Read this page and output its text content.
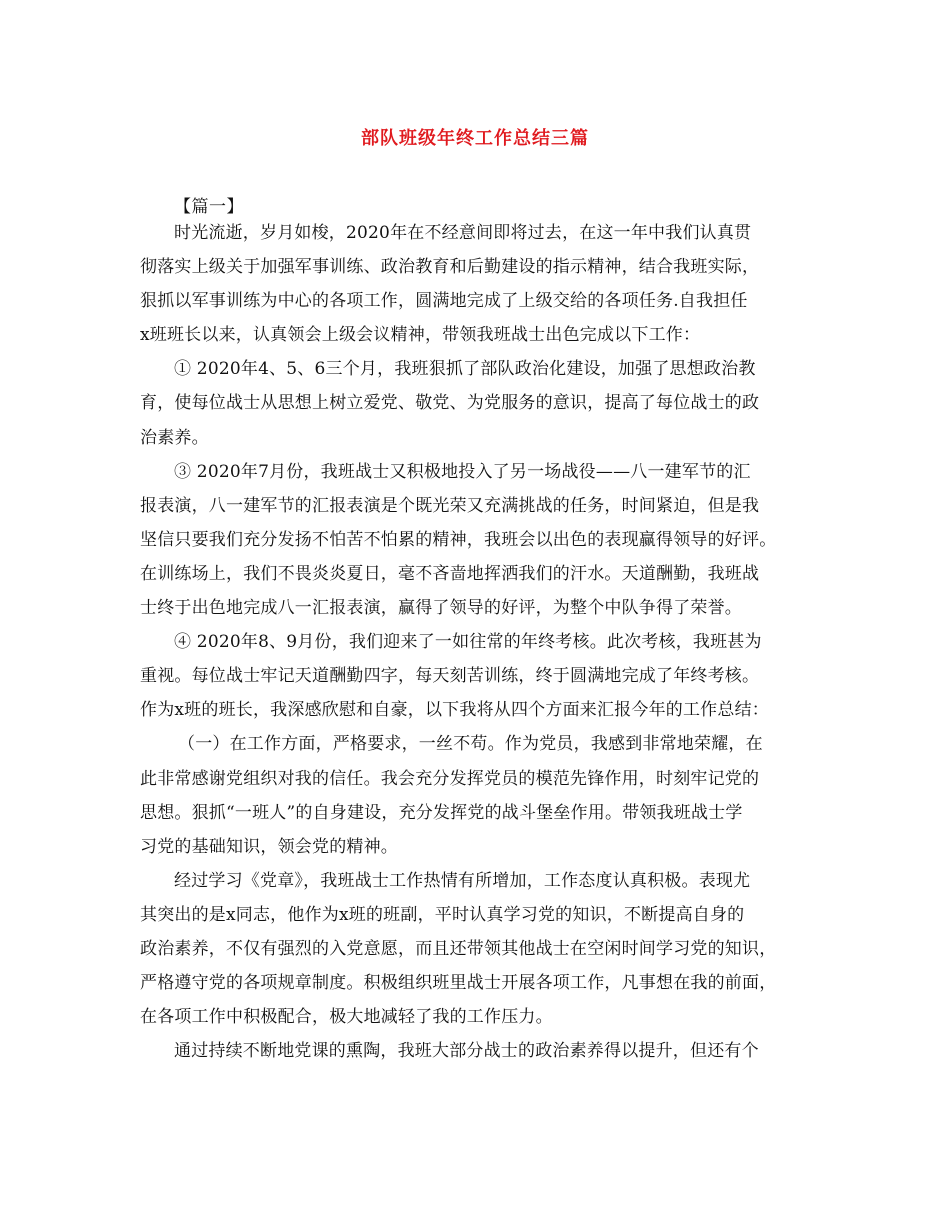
部队班级年终工作总结三篇
【篇一】
时光流逝，岁月如梭，2020年在不经意间即将过去，在这一年中我们认真贯
彻落实上级关于加强军事训练、政治教育和后勤建设的指示精神，结合我班实际，
狠抓以军事训练为中心的各项工作，圆满地完成了上级交给的各项任务.自我担任
x班班长以来，认真领会上级会议精神，带领我班战士出色完成以下工作：
① 2020年4、5、6三个月，我班狠抓了部队政治化建设，加强了思想政治教
育，使每位战士从思想上树立爱党、敬党、为党服务的意识，提高了每位战士的政
治素养。
③ 2020年7月份，我班战士又积极地投入了另一场战役——八一建军节的汇
报表演，八一建军节的汇报表演是个既光荣又充满挑战的任务，时间紧迫，但是我
坚信只要我们充分发扬不怕苦不怕累的精神，我班会以出色的表现赢得领导的好评。
在训练场上，我们不畏炎炎夏日，毫不吝啬地挥洒我们的汗水。天道酬勤，我班战
士终于出色地完成八一汇报表演，赢得了领导的好评，为整个中队争得了荣誉。
④ 2020年8、9月份，我们迎来了一如往常的年终考核。此次考核，我班甚为
重视。每位战士牢记天道酬勤四字，每天刻苦训练，终于圆满地完成了年终考核。
作为x班的班长，我深感欣慰和自豪，以下我将从四个方面来汇报今年的工作总结：
（一）在工作方面，严格要求，一丝不苟。作为党员，我感到非常地荣耀，在
此非常感谢党组织对我的信任。我会充分发挥党员的模范先锋作用，时刻牢记党的
思想。狠抓“一班人”的自身建设，充分发挥党的战斗堡垒作用。带领我班战士学
习党的基础知识，领会党的精神。
经过学习《党章》，我班战士工作热情有所增加，工作态度认真积极。表现尤
其突出的是x同志，他作为x班的班副，平时认真学习党的知识，不断提高自身的
政治素养，不仅有强烈的入党意愿，而且还带领其他战士在空闲时间学习党的知识，
严格遵守党的各项规章制度。积极组织班里战士开展各项工作，凡事想在我的前面，
在各项工作中积极配合，极大地减轻了我的工作压力。
通过持续不断地党课的熏陶，我班大部分战士的政治素养得以提升，但还有个
